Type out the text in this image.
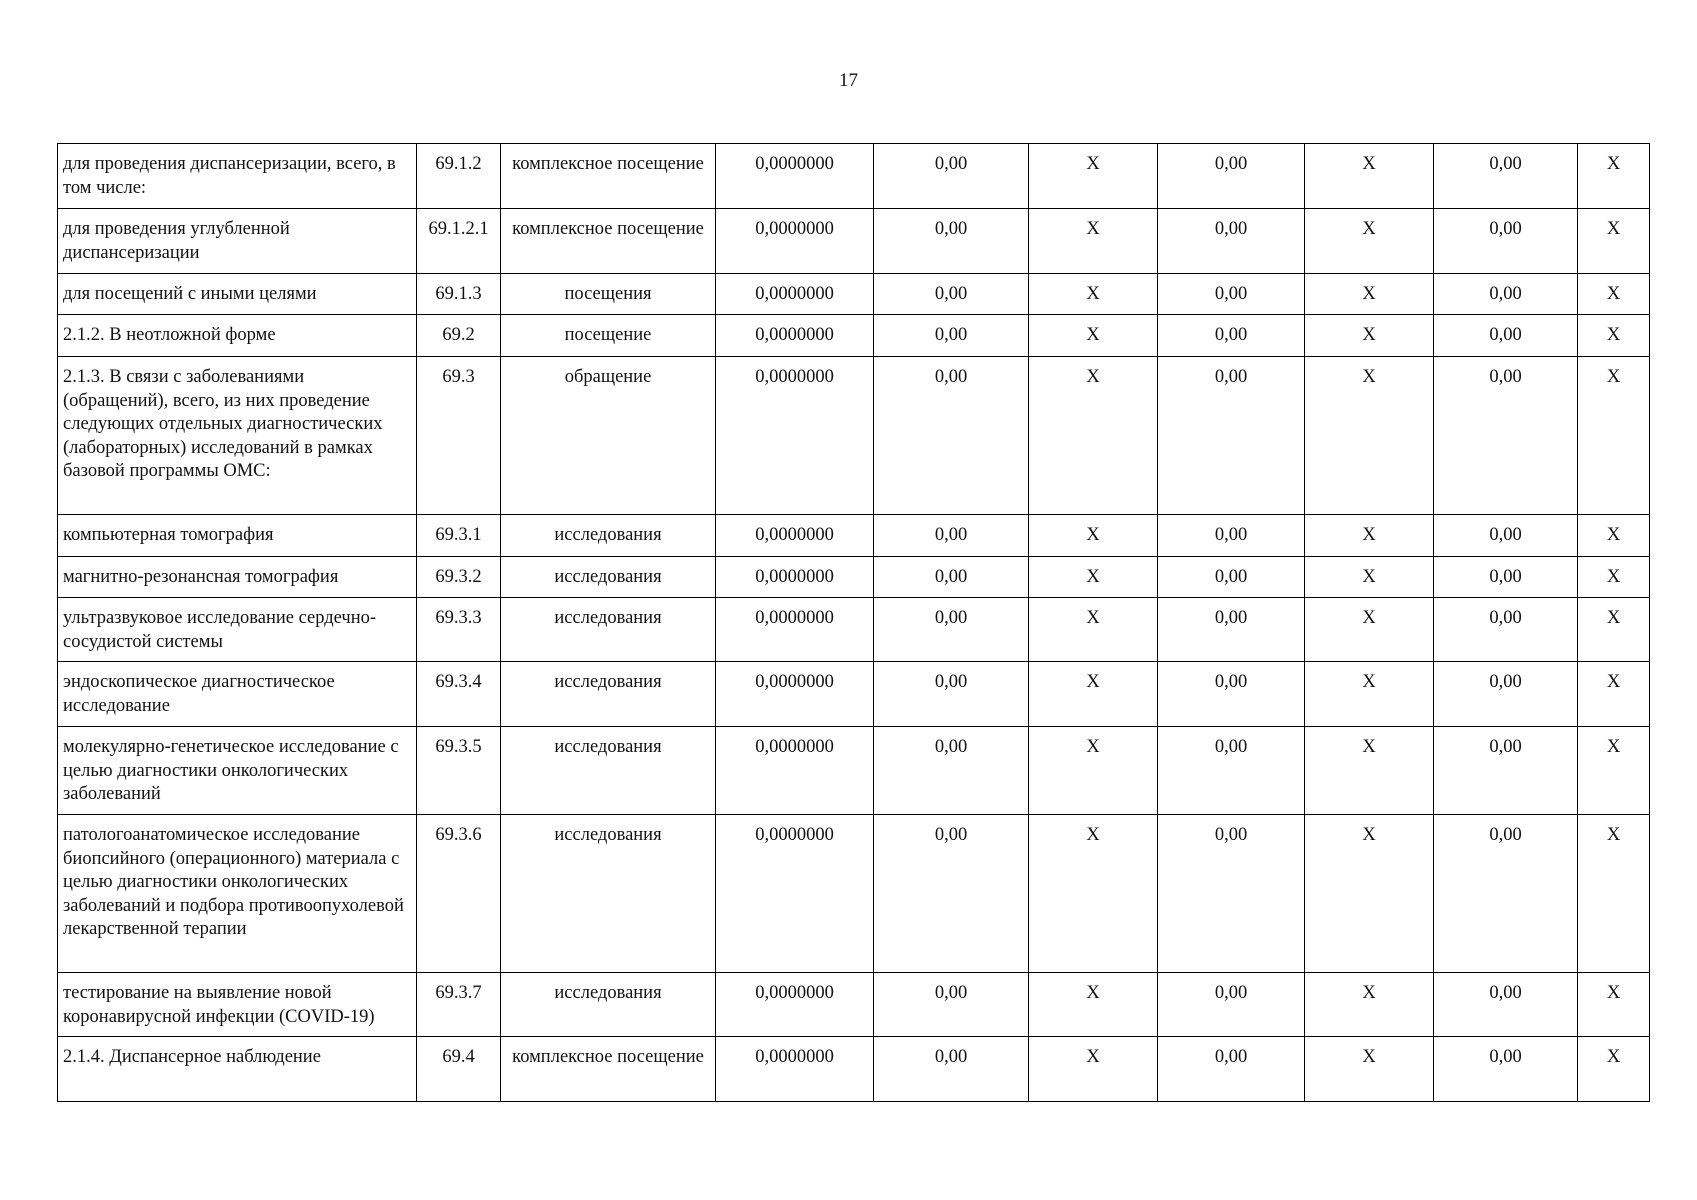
17
для проведения диспансеризации, всего, в том числе:	69.1.2	комплексное посещение	0,0000000	0,00	X	0,00	X	0,00	X
для проведения углубленной диспансеризации	69.1.2.1	комплексное посещение	0,0000000	0,00	X	0,00	X	0,00	X
для посещений с иными целями	69.1.3	посещения	0,0000000	0,00	X	0,00	X	0,00	X
2.1.2. В неотложной форме	69.2	посещение	0,0000000	0,00	X	0,00	X	0,00	X
2.1.3. В связи с заболеваниями (обращений), всего, из них проведение следующих отдельных диагностических (лабораторных) исследований в рамках базовой программы ОМС:	69.3	обращение	0,0000000	0,00	X	0,00	X	0,00	X
компьютерная томография	69.3.1	исследования	0,0000000	0,00	X	0,00	X	0,00	X
магнитно-резонансная томография	69.3.2	исследования	0,0000000	0,00	X	0,00	X	0,00	X
ультразвуковое исследование сердечно-сосудистой системы	69.3.3	исследования	0,0000000	0,00	X	0,00	X	0,00	X
эндоскопическое диагностическое исследование	69.3.4	исследования	0,0000000	0,00	X	0,00	X	0,00	X
молекулярно-генетическое исследование с целью диагностики онкологических заболеваний	69.3.5	исследования	0,0000000	0,00	X	0,00	X	0,00	X
патологоанатомическое исследование биопсийного (операционного) материала с целью диагностики онкологических заболеваний и подбора противоопухолевой лекарственной терапии	69.3.6	исследования	0,0000000	0,00	X	0,00	X	0,00	X
тестирование на выявление новой коронавирусной инфекции (COVID-19)	69.3.7	исследования	0,0000000	0,00	X	0,00	X	0,00	X
2.1.4. Диспансерное наблюдение	69.4	комплексное посещение	0,0000000	0,00	X	0,00	X	0,00	X
